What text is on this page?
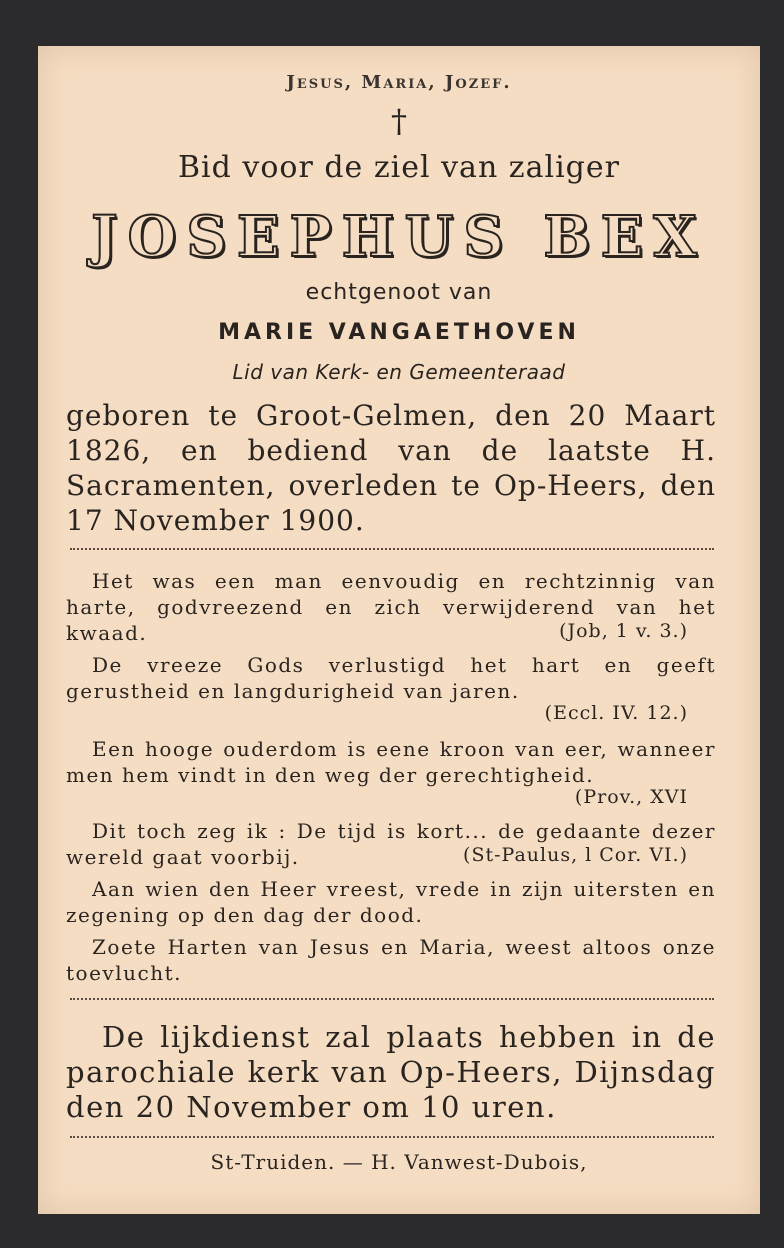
Jesus, Maria, Jozef.
†
Bid voor de ziel van zaliger
JOSEPHUS BEX
echtgenoot van
MARIE VANGAETHOVEN
Lid van Kerk- en Gemeenteraad
geboren te Groot-Gelmen, den 20 Maart 1826, en bediend van de laatste H. Sacramenten, overleden te Op-Heers, den 17 November 1900.
Het was een man eenvoudig en rechtzinnig van harte, godvreezend en zich verwijderend van het kwaad.	(Job, 1 v. 3.)
De vreeze Gods verlustigd het hart en geeft gerustheid en langdurigheid van jaren.
(Eccl. IV. 12.)
Een hooge ouderdom is eene kroon van eer, wanneer men hem vindt in den weg der gerechtigheid.
(Prov., XVI
Dit toch zeg ik : De tijd is kort... de gedaante dezer wereld gaat voorbij.	(St-Paulus, l Cor. VI.)
Aan wien den Heer vreest, vrede in zijn uitersten en zegening op den dag der dood.
Zoete Harten van Jesus en Maria, weest altoos onze toevlucht.
De lijkdienst zal plaats hebben in de parochiale kerk van Op-Heers, Dijnsdag den 20 November om 10 uren.
St-Truiden. — H. Vanwest-Dubois,
